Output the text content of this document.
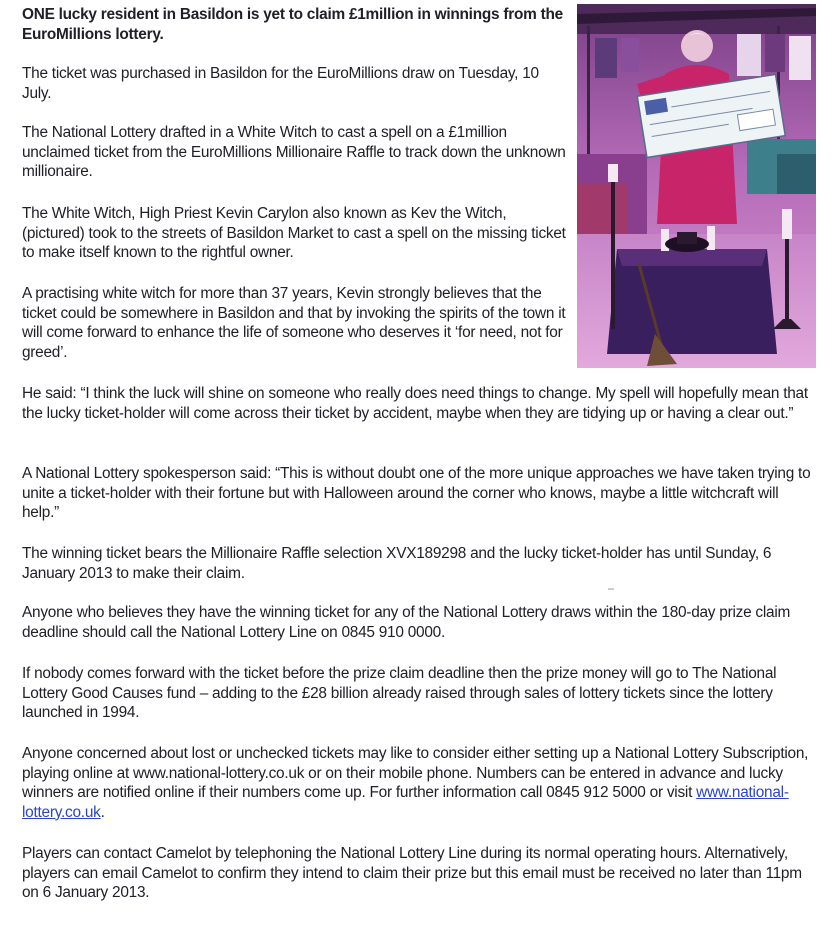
ONE lucky resident in Basildon is yet to claim £1million in winnings from the EuroMillions lottery.

The ticket was purchased in Basildon for the EuroMillions draw on Tuesday, 10 July.

The National Lottery drafted in a White Witch to cast a spell on a £1million unclaimed ticket from the EuroMillions Millionaire Raffle to track down the unknown millionaire.

The White Witch, High Priest Kevin Carylon also known as Kev the Witch, (pictured) took to the streets of Basildon Market to cast a spell on the missing ticket to make itself known to the rightful owner.

A practising white witch for more than 37 years, Kevin strongly believes that the ticket could be somewhere in Basildon and that by invoking the spirits of the town it will come forward to enhance the life of someone who deserves it ‘for need, not for greed’.

He said: “I think the luck will shine on someone who really does need things to change. My spell will hopefully mean that the lucky ticket-holder will come across their ticket by accident, maybe when they are tidying up or having a clear out.”

A National Lottery spokesperson said: “This is without doubt one of the more unique approaches we have taken trying to unite a ticket-holder with their fortune but with Halloween around the corner who knows, maybe a little witchcraft will help.”

The winning ticket bears the Millionaire Raffle selection XVX189298 and the lucky ticket-holder has until Sunday, 6 January 2013 to make their claim.

Anyone who believes they have the winning ticket for any of the National Lottery draws within the 180-day prize claim deadline should call the National Lottery Line on 0845 910 0000.

If nobody comes forward with the ticket before the prize claim deadline then the prize money will go to The National Lottery Good Causes fund – adding to the £28 billion already raised through sales of lottery tickets since the lottery launched in 1994.

Anyone concerned about lost or unchecked tickets may like to consider either setting up a National Lottery Subscription, playing online at www.national-lottery.co.uk or on their mobile phone. Numbers can be entered in advance and lucky winners are notified online if their numbers come up. For further information call 0845 912 5000 or visit www.national-lottery.co.uk.

Players can contact Camelot by telephoning the National Lottery Line during its normal operating hours. Alternatively, players can email Camelot to confirm they intend to claim their prize but this email must be received no later than 11pm on 6 January 2013.
